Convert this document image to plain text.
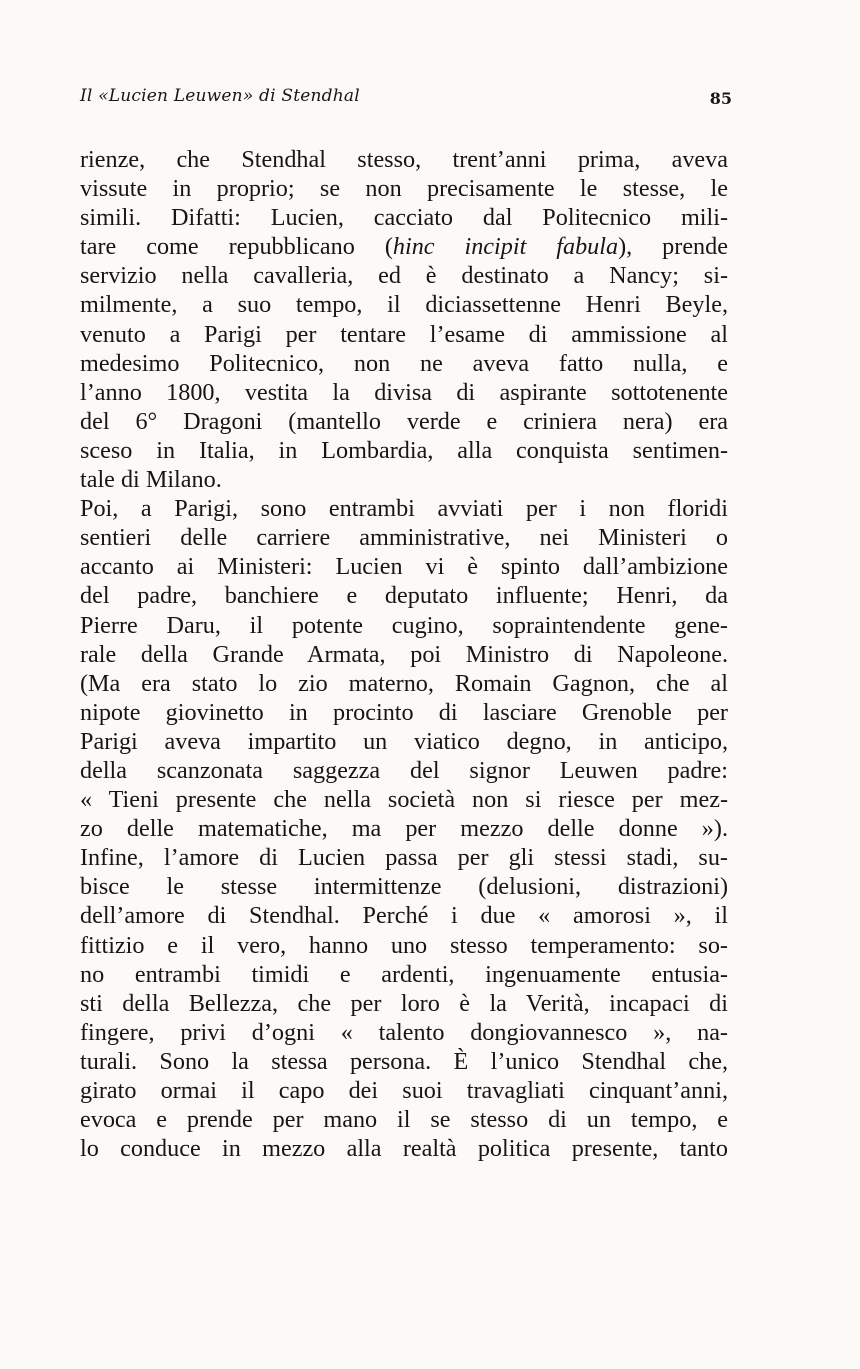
Il «Lucien Leuwen» di Stendhal	85
rienze, che Stendhal stesso, trent’anni prima, aveva
vissute in proprio; se non precisamente le stesse, le
simili. Difatti: Lucien, cacciato dal Politecnico mili-
tare come repubblicano (hinc incipit fabula), prende
servizio nella cavalleria, ed è destinato a Nancy; si-
milmente, a suo tempo, il diciassettenne Henri Beyle,
venuto a Parigi per tentare l’esame di ammissione al
medesimo Politecnico, non ne aveva fatto nulla, e
l’anno 1800, vestita la divisa di aspirante sottotenente
del 6° Dragoni (mantello verde e criniera nera) era
sceso in Italia, in Lombardia, alla conquista sentimen-
tale di Milano.
Poi, a Parigi, sono entrambi avviati per i non floridi
sentieri delle carriere amministrative, nei Ministeri o
accanto ai Ministeri: Lucien vi è spinto dall’ambizione
del padre, banchiere e deputato influente; Henri, da
Pierre Daru, il potente cugino, sopraintendente gene-
rale della Grande Armata, poi Ministro di Napoleone.
(Ma era stato lo zio materno, Romain Gagnon, che al
nipote giovinetto in procinto di lasciare Grenoble per
Parigi aveva impartito un viatico degno, in anticipo,
della scanzonata saggezza del signor Leuwen padre:
« Tieni presente che nella società non si riesce per mez-
zo delle matematiche, ma per mezzo delle donne »).
Infine, l’amore di Lucien passa per gli stessi stadi, su-
bisce le stesse intermittenze (delusioni, distrazioni)
dell’amore di Stendhal. Perché i due « amorosi », il
fittizio e il vero, hanno uno stesso temperamento: so-
no entrambi timidi e ardenti, ingenuamente entusia-
sti della Bellezza, che per loro è la Verità, incapaci di
fingere, privi d’ogni « talento dongiovannesco », na-
turali. Sono la stessa persona. È l’unico Stendhal che,
girato ormai il capo dei suoi travagliati cinquant’anni,
evoca e prende per mano il se stesso di un tempo, e
lo conduce in mezzo alla realtà politica presente, tanto
